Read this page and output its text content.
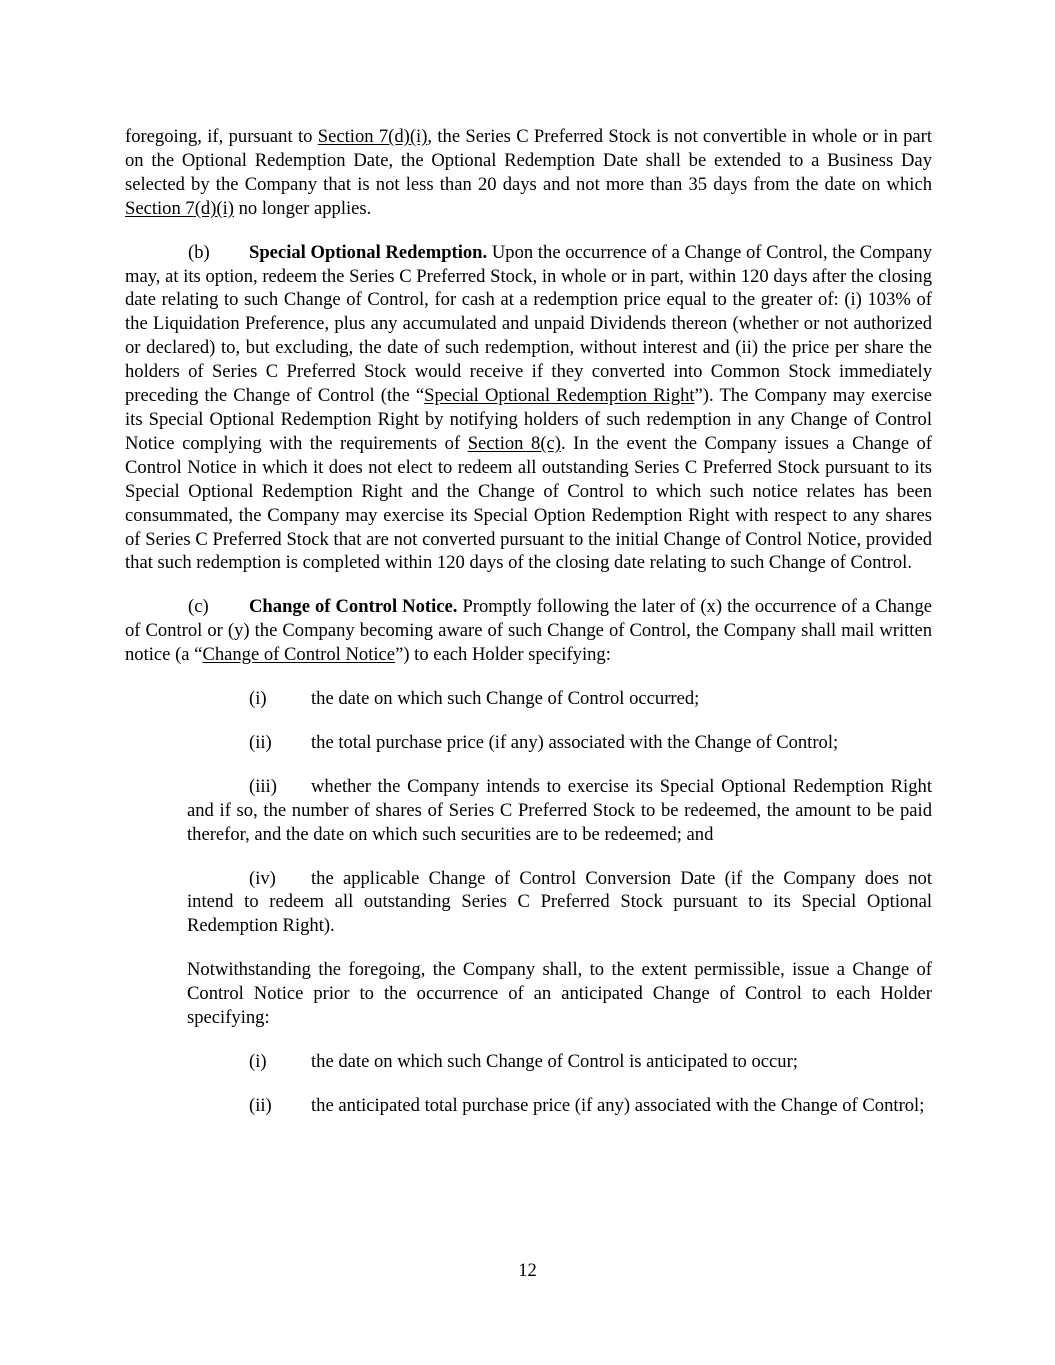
foregoing, if, pursuant to Section 7(d)(i), the Series C Preferred Stock is not convertible in whole or in part on the Optional Redemption Date, the Optional Redemption Date shall be extended to a Business Day selected by the Company that is not less than 20 days and not more than 35 days from the date on which Section 7(d)(i) no longer applies.

(b) Special Optional Redemption. Upon the occurrence of a Change of Control, the Company may, at its option, redeem the Series C Preferred Stock, in whole or in part, within 120 days after the closing date relating to such Change of Control, for cash at a redemption price equal to the greater of: (i) 103% of the Liquidation Preference, plus any accumulated and unpaid Dividends thereon (whether or not authorized or declared) to, but excluding, the date of such redemption, without interest and (ii) the price per share the holders of Series C Preferred Stock would receive if they converted into Common Stock immediately preceding the Change of Control (the “Special Optional Redemption Right”). The Company may exercise its Special Optional Redemption Right by notifying holders of such redemption in any Change of Control Notice complying with the requirements of Section 8(c). In the event the Company issues a Change of Control Notice in which it does not elect to redeem all outstanding Series C Preferred Stock pursuant to its Special Optional Redemption Right and the Change of Control to which such notice relates has been consummated, the Company may exercise its Special Option Redemption Right with respect to any shares of Series C Preferred Stock that are not converted pursuant to the initial Change of Control Notice, provided that such redemption is completed within 120 days of the closing date relating to such Change of Control.

(c) Change of Control Notice. Promptly following the later of (x) the occurrence of a Change of Control or (y) the Company becoming aware of such Change of Control, the Company shall mail written notice (a “Change of Control Notice”) to each Holder specifying:

(i) the date on which such Change of Control occurred;

(ii) the total purchase price (if any) associated with the Change of Control;

(iii) whether the Company intends to exercise its Special Optional Redemption Right and if so, the number of shares of Series C Preferred Stock to be redeemed, the amount to be paid therefor, and the date on which such securities are to be redeemed; and

(iv) the applicable Change of Control Conversion Date (if the Company does not intend to redeem all outstanding Series C Preferred Stock pursuant to its Special Optional Redemption Right).

Notwithstanding the foregoing, the Company shall, to the extent permissible, issue a Change of Control Notice prior to the occurrence of an anticipated Change of Control to each Holder specifying:

(i) the date on which such Change of Control is anticipated to occur;

(ii) the anticipated total purchase price (if any) associated with the Change of Control;

12
